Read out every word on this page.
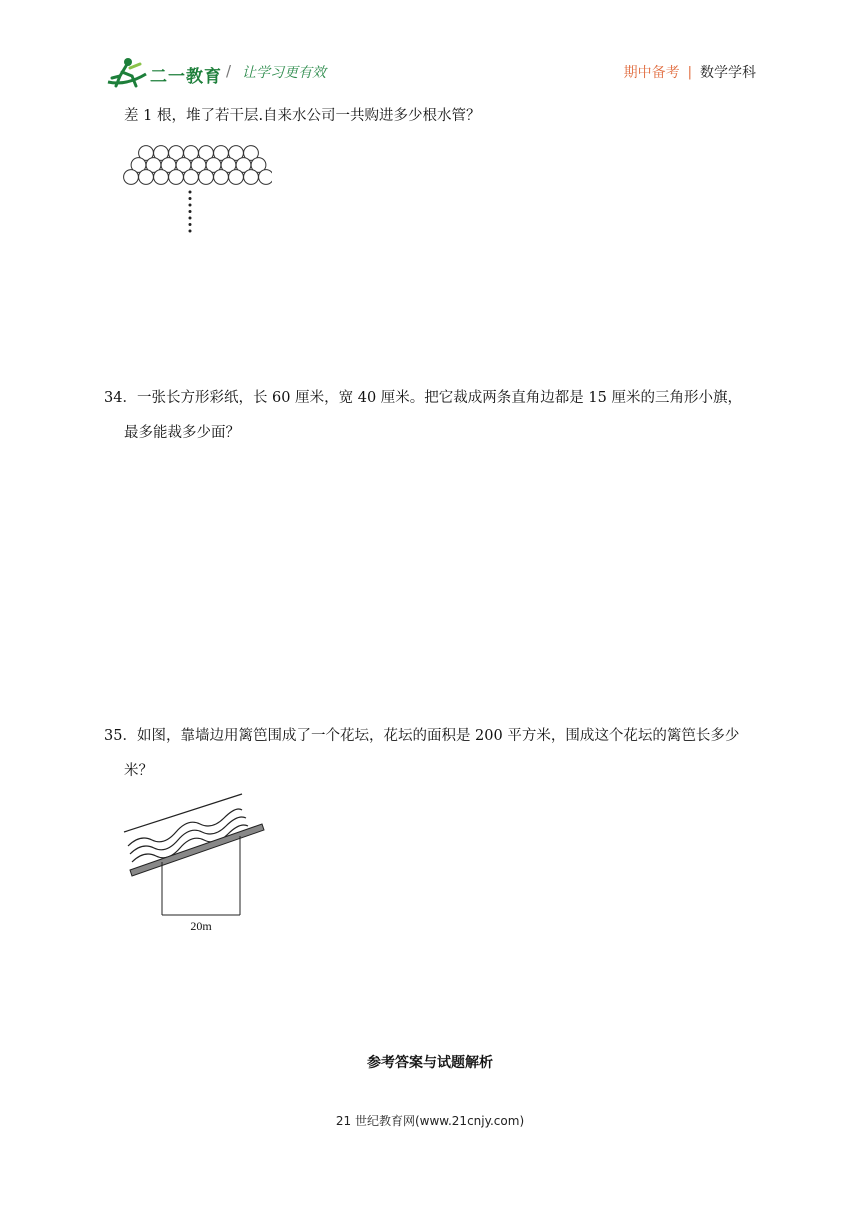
二一教育 / 让学习更有效	期中备考 | 数学学科
差 1 根，堆了若干层.自来水公司一共购进多少根水管？
34．一张长方形彩纸，长 60 厘米，宽 40 厘米。把它裁成两条直角边都是 15 厘米的三角形小旗，
最多能裁多少面？
35．如图，靠墙边用篱笆围成了一个花坛，花坛的面积是 200 平方米，围成这个花坛的篱笆长多少
米？
20m
参考答案与试题解析
21 世纪教育网(www.21cnjy.com)
